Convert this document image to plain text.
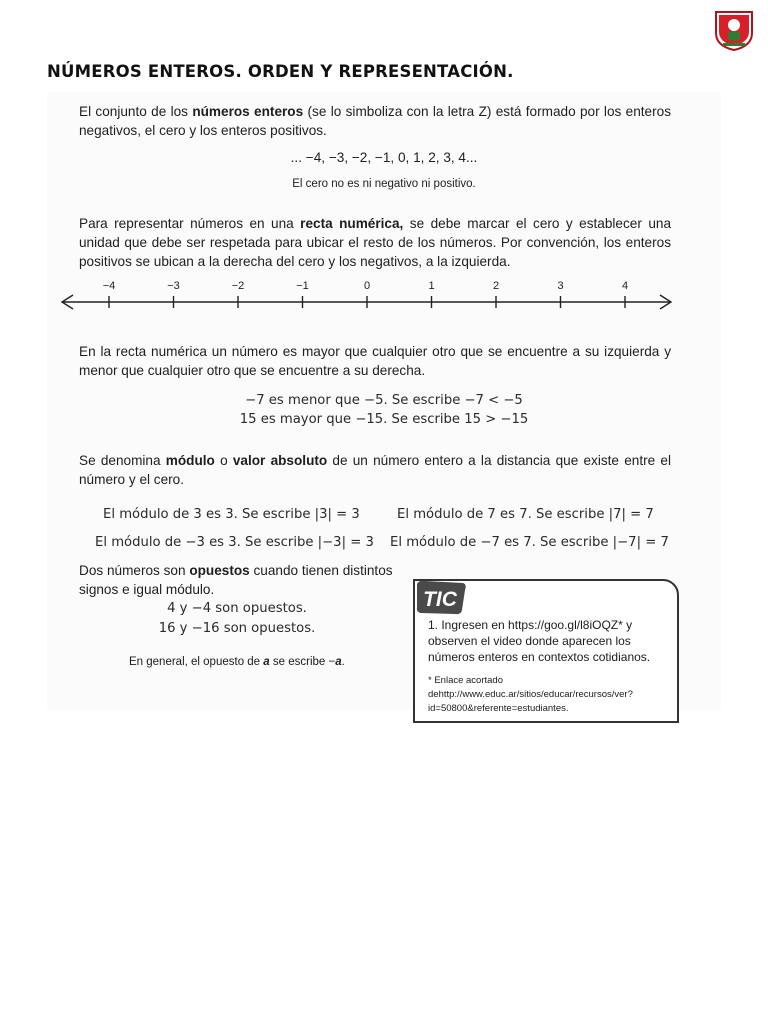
NÚMEROS ENTEROS. ORDEN Y REPRESENTACIÓN.
El conjunto de los números enteros (se lo simboliza con la letra Z) está formado por los enteros negativos, el cero y los enteros positivos.
... −4, −3, −2, −1, 0, 1, 2, 3, 4...
El cero no es ni negativo ni positivo.
Para representar números en una recta numérica, se debe marcar el cero y establecer una unidad que debe ser respetada para ubicar el resto de los números. Por convención, los enteros positivos se ubican a la derecha del cero y los negativos, a la izquierda.
−4	−3	−2	−1	0	1	2	3	4
En la recta numérica un número es mayor que cualquier otro que se encuentre a su izquierda y menor que cualquier otro que se encuentre a su derecha.
−7 es menor que −5. Se escribe −7 < −5
15 es mayor que −15. Se escribe 15 > −15
Se denomina módulo o valor absoluto de un número entero a la distancia que existe entre el número y el cero.
El módulo de 3 es 3. Se escribe |3| = 3	El módulo de 7 es 7. Se escribe |7| = 7
El módulo de −3 es 3. Se escribe |−3| = 3 El módulo de −7 es 7. Se escribe |−7| = 7
Dos números son opuestos cuando tienen distintos signos e igual módulo.
4 y −4 son opuestos.
16 y −16 son opuestos.
En general, el opuesto de a se escribe −a.
TIC
1. Ingresen en https://goo.gl/l8iOQZ* y observen el video donde aparecen los números enteros en contextos cotidianos.
* Enlace acortado dehttp://www.educ.ar/sitios/educar/recursos/ver?id=50800&referente=estudiantes.
